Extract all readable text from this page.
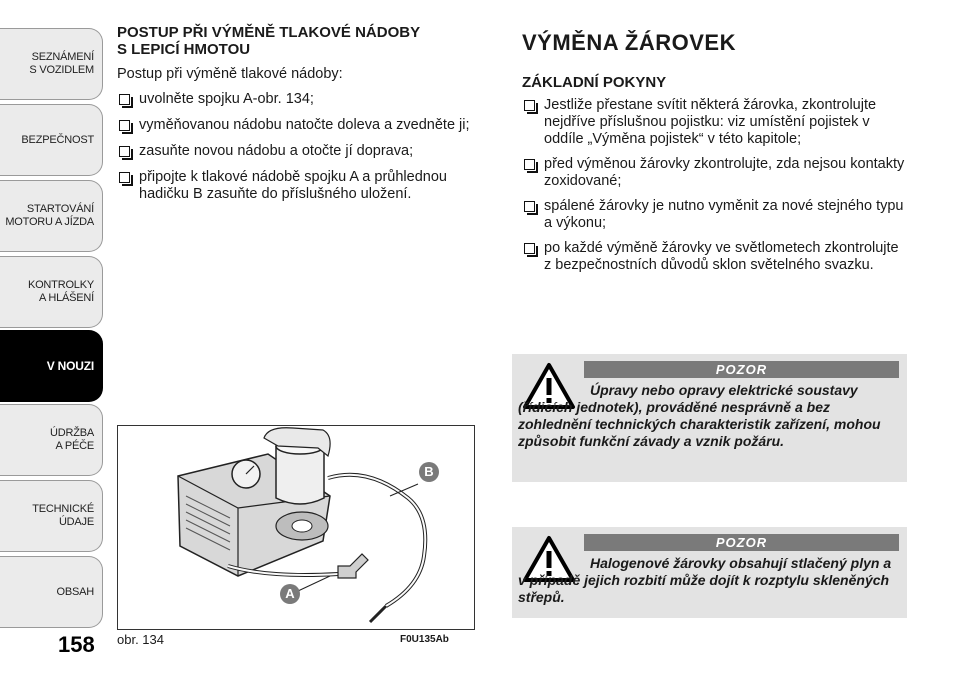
SEZNÁMENÍ
S VOZIDLEM
BEZPEČNOST
STARTOVÁNÍ
MOTORU A JÍZDA
KONTROLKY
A HLÁŠENÍ
V NOUZI
ÚDRŽBA
A PÉČE
TECHNICKÉ
ÚDAJE
OBSAH
158
POSTUP PŘI VÝMĚNĚ TLAKOVÉ NÁDOBY
S LEPICÍ HMOTOU

Postup při výměně tlakové nádoby:

uvolněte spojku A-obr. 134;
vyměňovanou nádobu natočte doleva a zvedněte ji;
zasuňte novou nádobu a otočte jí doprava;
připojte k tlakové nádobě spojku A a průhlednou hadičku B zasuňte do příslušného uložení.
B
A
obr. 134	F0U135Ab
VÝMĚNA ŽÁROVEK
ZÁKLADNÍ POKYNY
Jestliže přestane svítit některá žárovka, zkontrolujte nejdříve příslušnou pojistku: viz umístění pojistek v oddíle „Výměna pojistek“ v této kapitole;
před výměnou žárovky zkontrolujte, zda nejsou kontakty zoxidované;
spálené žárovky je nutno vyměnit za nové stejného typu a výkonu;
po každé výměně žárovky ve světlometech zkontrolujte z bezpečnostních důvodů sklon světelného svazku.
POZOR
Úpravy nebo opravy elektrické soustavy (řídicích jednotek), prováděné nesprávně a bez zohlednění technických charakteristik zařízení, mohou způsobit funkční závady a vznik požáru.
POZOR
Halogenové žárovky obsahují stlačený plyn a v případě jejich rozbití může dojít k rozptylu skleněných střepů.
